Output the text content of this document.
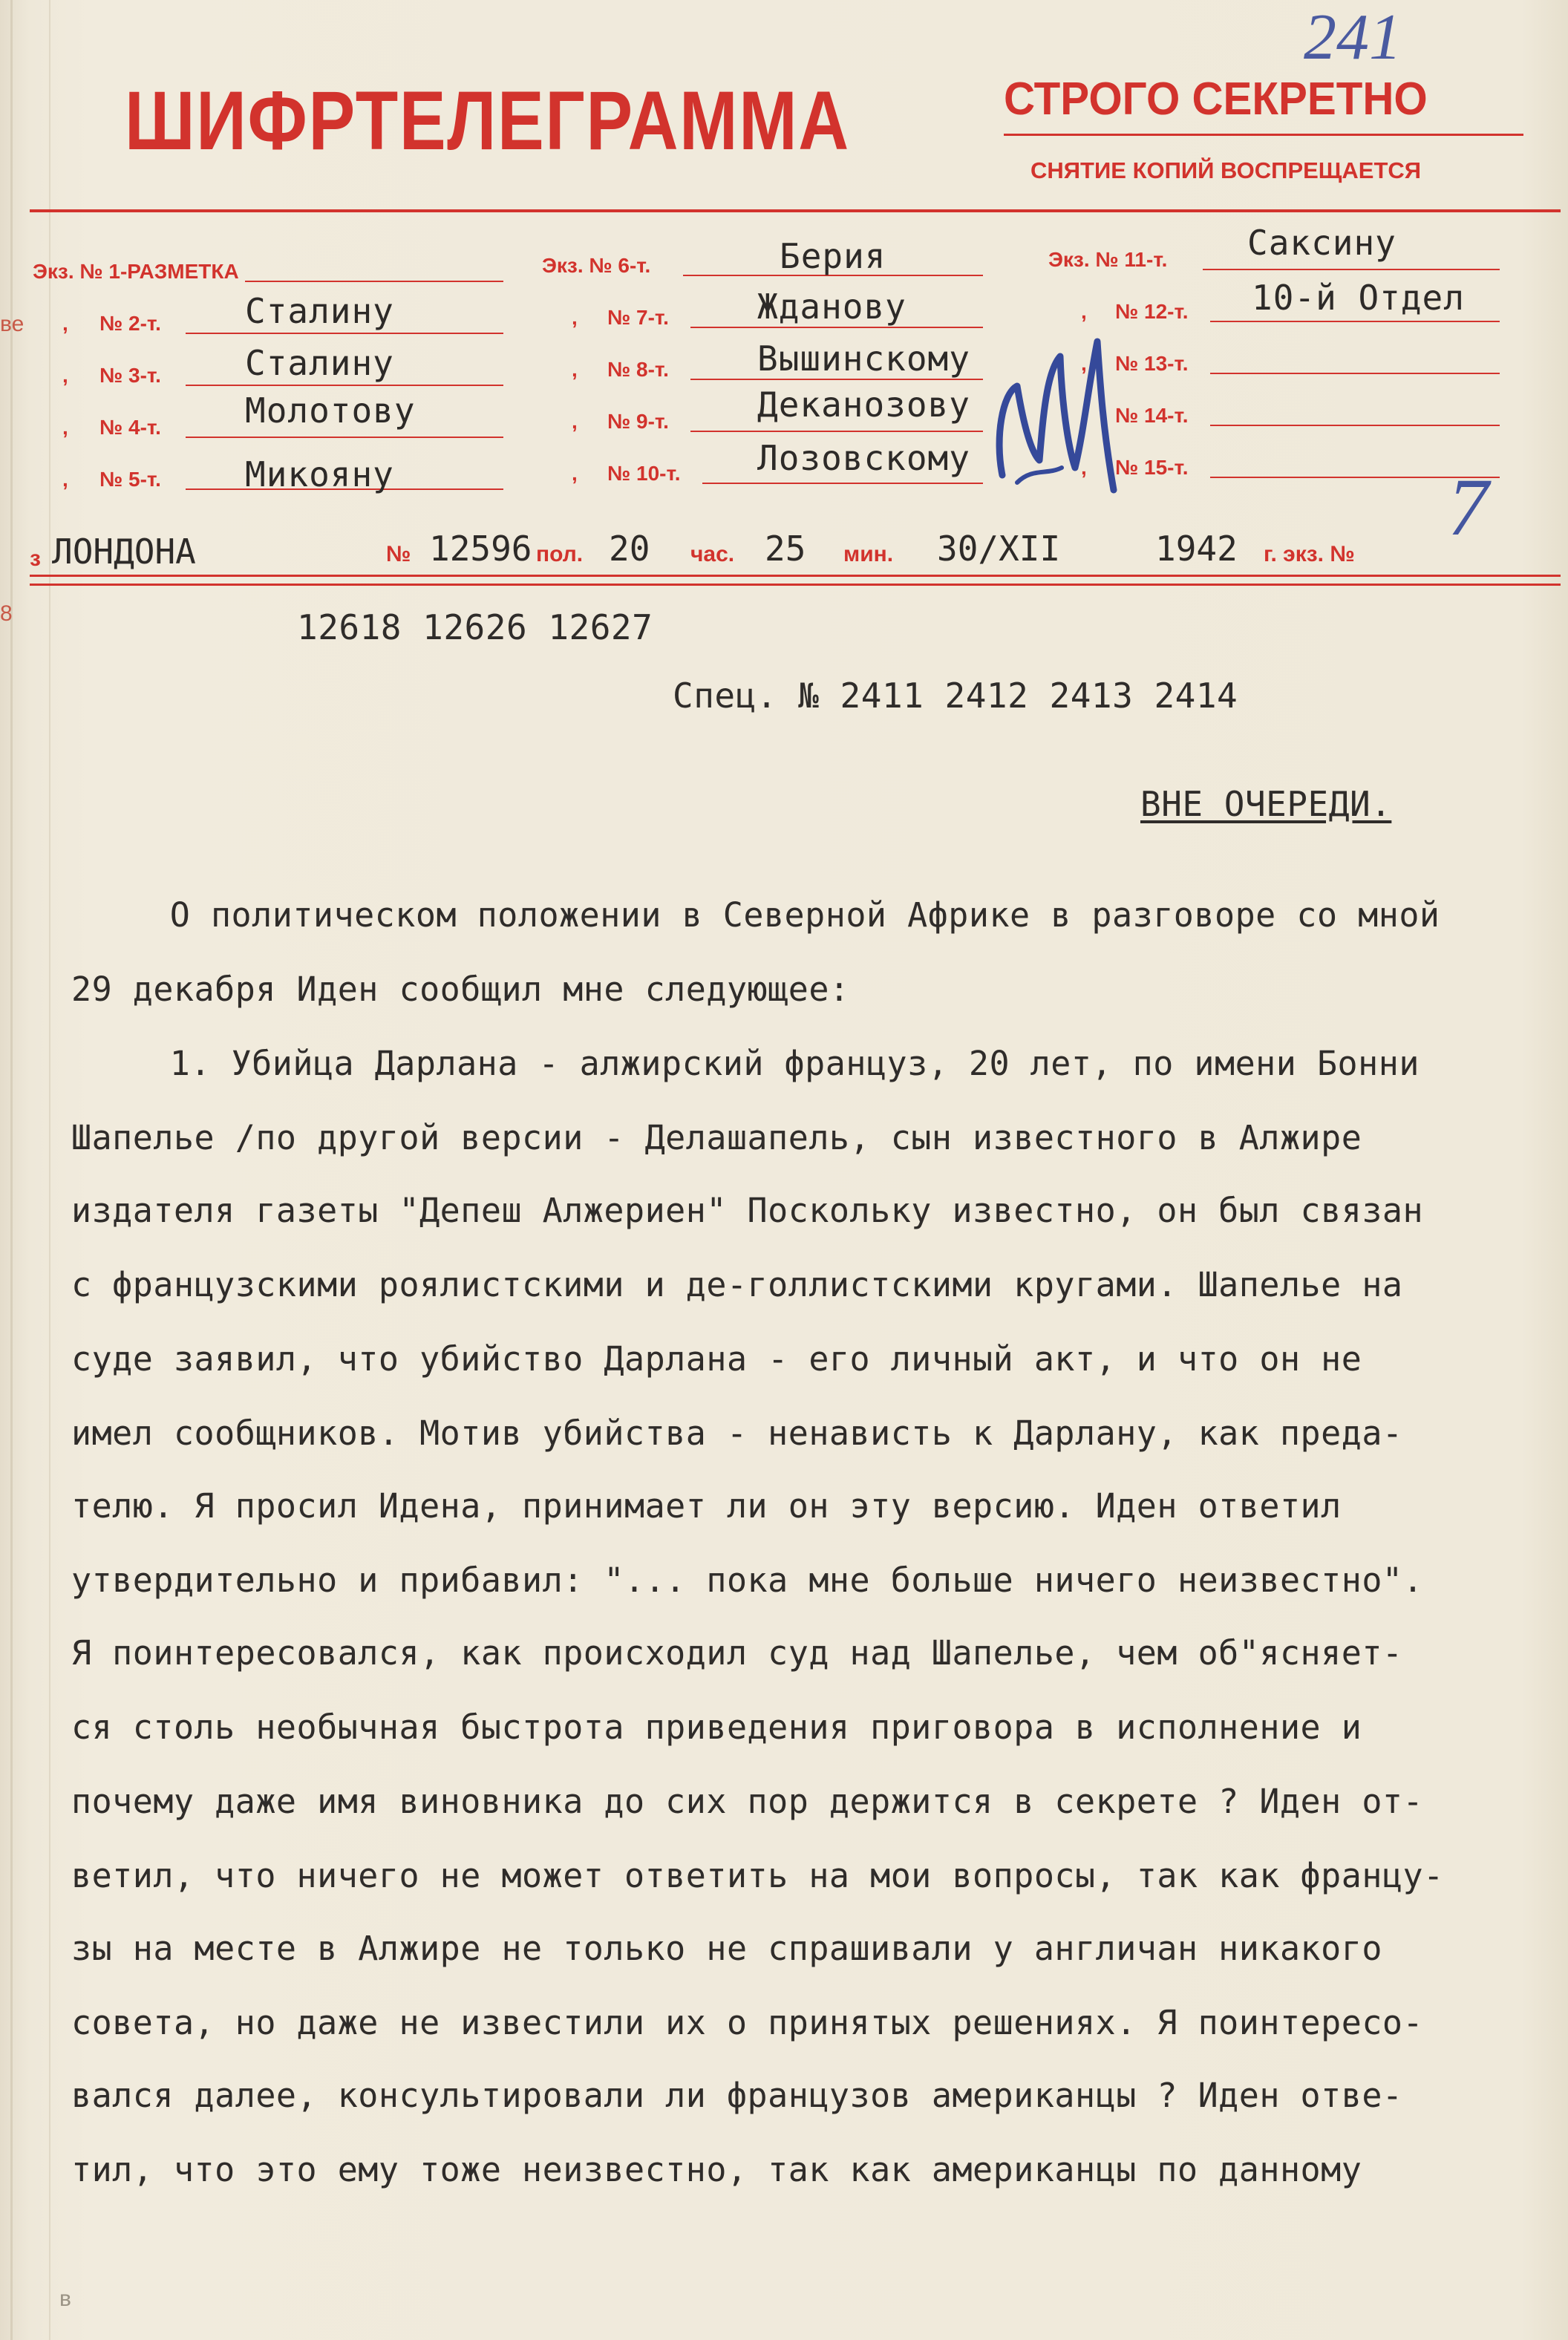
ве
8
в
ШИФРТЕЛЕГРАММА	СТРОГО СЕКРЕТНО
СНЯТИЕ КОПИЙ ВОСПРЕЩАЕТСЯ
241
Экз. № 1-РАЗМЕТКА
, № 2-т. Сталину
, № 3-т. Сталину
, № 4-т. Молотову
, № 5-т. Микояну
Экз. № 6-т.	Берия
, № 7-т.	Жданову
, № 8-т.	Вышинскому
, № 9-т.	Деканозову
, № 10-т. Лозовскому
Экз. № 11-т. Саксину
, № 12-т. 10-й Отдел
, № 13-т.
, № 14-т.
, № 15-т.
з ЛОНДОНА	№ 12596 пол. 20 час. 25 мин. 30/XII	1942 г. экз. №
7
12618 12626 12627
Спец. № 2411 2412 2413 2414
ВНЕ ОЧЕРЕДИ.
О политическом положении в Северной Африке в разговоре со мной
29 декабря Иден сообщил мне следующее:
1. Убийца Дарлана - алжирский француз, 20 лет, по имени Бонни
Шапелье /по другой версии - Делашапель, сын известного в Алжире
издателя газеты "Депеш Алжериен" Поскольку известно, он был связан
с французскими роялистскими и де-голлистскими кругами. Шапелье на
суде заявил, что убийство Дарлана - его личный акт, и что он не
имел сообщников. Мотив убийства - ненависть к Дарлану, как преда-
телю. Я просил Идена, принимает ли он эту версию. Иден ответил
утвердительно и прибавил: "... пока мне больше ничего неизвестно".
Я поинтересовался, как происходил суд над Шапелье, чем об"ясняет-
ся столь необычная быстрота приведения приговора в исполнение и
почему даже имя виновника до сих пор держится в секрете ? Иден от-
ветил, что ничего не может ответить на мои вопросы, так как францу-
зы на месте в Алжире не только не спрашивали у англичан никакого
совета, но даже не известили их о принятых решениях. Я поинтересо-
вался далее, консультировали ли французов американцы ? Иден отве-
тил, что это ему тоже неизвестно, так как американцы по данному
